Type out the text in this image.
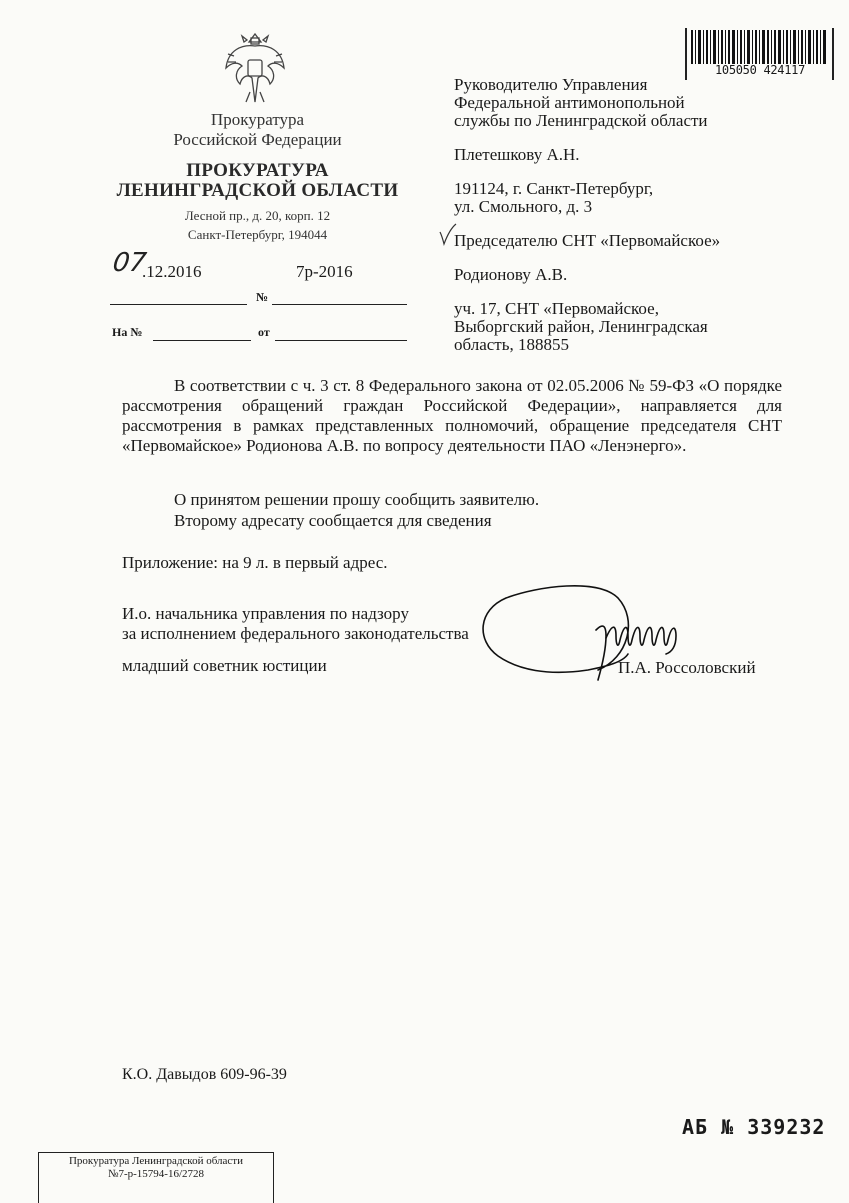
Прокуратура
Российской Федерации
ПРОКУРАТУРА
ЛЕНИНГРАДСКОЙ ОБЛАСТИ
Лесной пр., д. 20, корп. 12
Санкт-Петербург, 194044
07
.12.2016	7р-2016
№
На №	от
105050 424117
Руководителю Управления
Федеральной антимонопольной
службы по Ленинградской области
Плетешкову А.Н.
191124, г. Санкт-Петербург,
ул. Смольного, д. 3
Председателю СНТ «Первомайское»
Родионову А.В.
уч. 17, СНТ «Первомайское,
Выборгский район, Ленинградская
область, 188855
В соответствии с ч. 3 ст. 8 Федерального закона от 02.05.2006 № 59-ФЗ «О порядке рассмотрения обращений граждан Российской Федерации», направляется для рассмотрения в рамках представленных полномочий, обращение председателя СНТ «Первомайское» Родионова А.В. по вопросу деятельности ПАО «Ленэнерго».
О принятом решении прошу сообщить заявителю.
Второму адресату сообщается для сведения
Приложение: на 9 л. в первый адрес.
И.о. начальника управления по надзору
за исполнением федерального законодательства
младший советник юстиции	П.А. Россоловский
К.О. Давыдов 609-96-39
АБ № 339232
Прокуратура Ленинградской области
№7-р-15794-16/2728
